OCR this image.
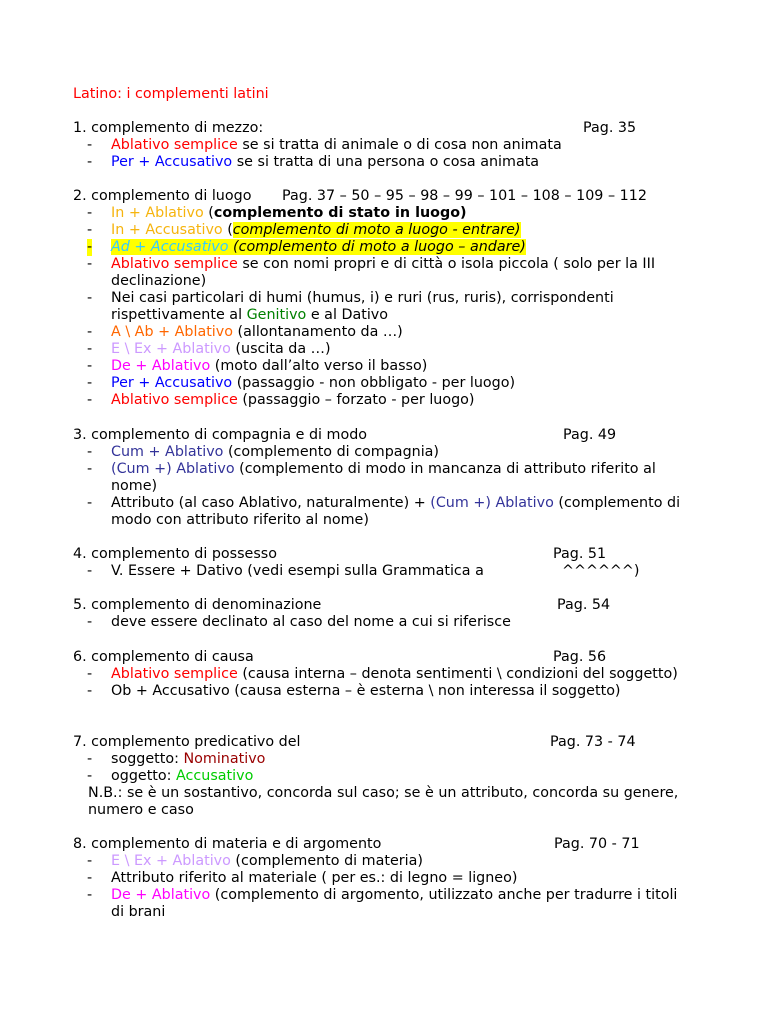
Latino: i complementi latini
1. complemento di mezzo:	Pag. 35
- Ablativo semplice se si tratta di animale o di cosa non animata
- Per + Accusativo se si tratta di una persona o cosa animata
2. complemento di luogo Pag. 37 – 50 – 95 – 98 – 99 – 101 – 108 – 109 – 112
- In + Ablativo (complemento di stato in luogo)
- In + Accusativo (complemento di moto a luogo - entrare)
- Ad + Accusativo (complemento di moto a luogo – andare)
- Ablativo semplice se con nomi propri e di città o isola piccola ( solo per la III declinazione)
- Nei casi particolari di humi (humus, i) e ruri (rus, ruris), corrispondenti rispettivamente al Genitivo e al Dativo
- A \ Ab + Ablativo (allontanamento da …)
- E \ Ex + Ablativo (uscita da …)
- De + Ablativo (moto dall’alto verso il basso)
- Per + Accusativo (passaggio - non obbligato - per luogo)
- Ablativo semplice (passaggio – forzato - per luogo)
3. complemento di compagnia e di modo	Pag. 49
- Cum + Ablativo (complemento di compagnia)
- (Cum +) Ablativo (complemento di modo in mancanza di attributo riferito al nome)
- Attributo (al caso Ablativo, naturalmente) + (Cum +) Ablativo (complemento di modo con attributo riferito al nome)
4. complemento di possesso	Pag. 51
- V. Essere + Dativo (vedi esempi sulla Grammatica a	^^^^^^)
5. complemento di denominazione	Pag. 54
- deve essere declinato al caso del nome a cui si riferisce
6. complemento di causa	Pag. 56
- Ablativo semplice (causa interna – denota sentimenti \ condizioni del soggetto)
- Ob + Accusativo (causa esterna – è esterna \ non interessa il soggetto)
7. complemento predicativo del	Pag. 73 - 74
- soggetto: Nominativo
- oggetto: Accusativo
N.B.: se è un sostantivo, concorda sul caso; se è un attributo, concorda su genere, numero e caso
8. complemento di materia e di argomento	Pag. 70 - 71
- E \ Ex + Ablativo (complemento di materia)
- Attributo riferito al materiale ( per es.: di legno = ligneo)
- De + Ablativo (complemento di argomento, utilizzato anche per tradurre i titoli di brani
